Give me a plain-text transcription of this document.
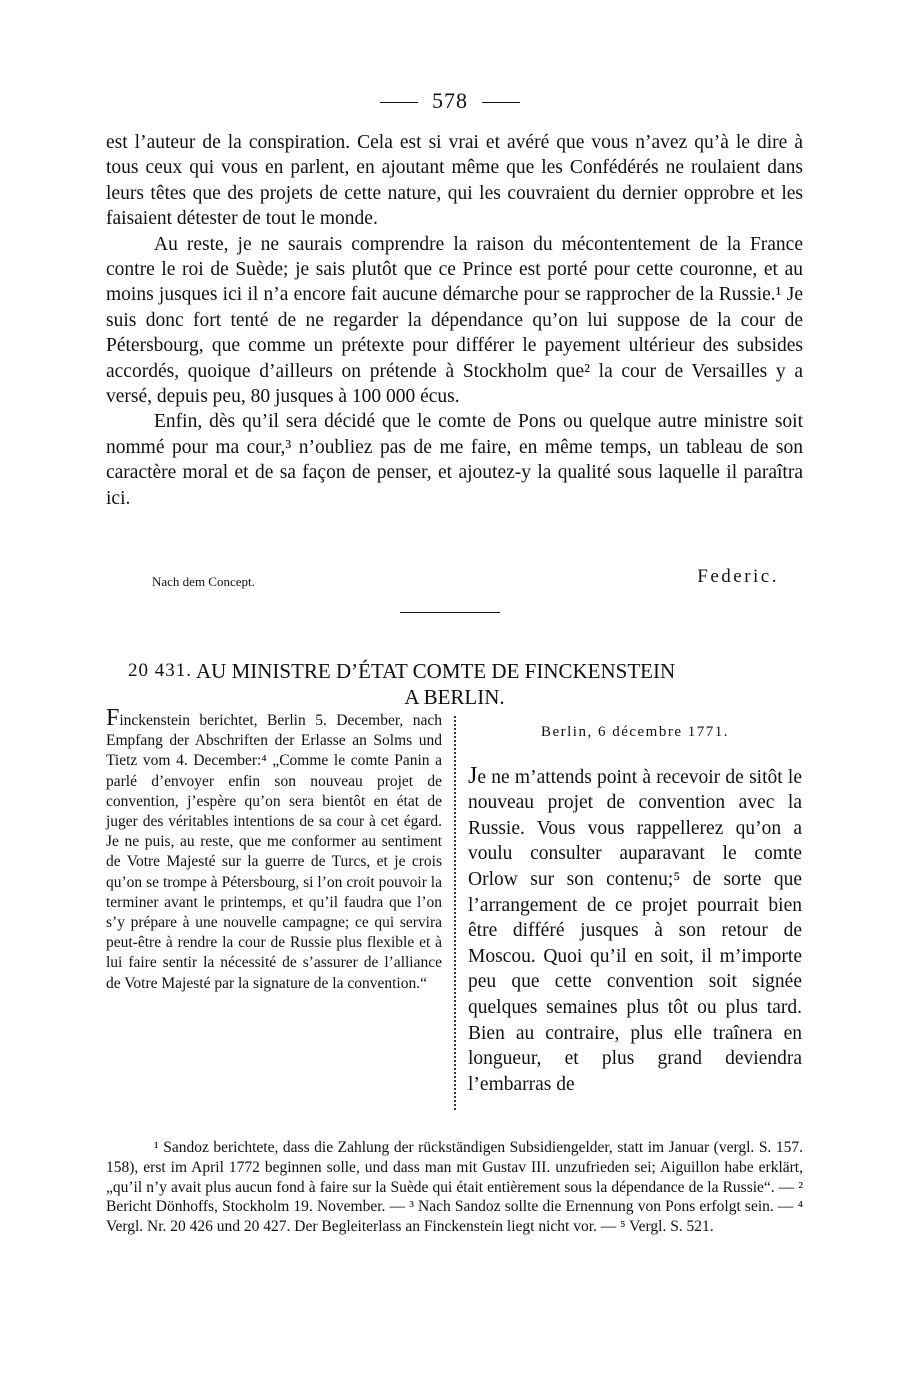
578

est l’auteur de la conspiration. Cela est si vrai et avéré que vous n’avez qu’à le dire à tous ceux qui vous en parlent, en ajoutant même que les Confédérés ne roulaient dans leurs têtes que des projets de cette nature, qui les couvraient du dernier opprobre et les faisaient détester de tout le monde.

Au reste, je ne saurais comprendre la raison du mécontentement de la France contre le roi de Suède; je sais plutôt que ce Prince est porté pour cette couronne, et au moins jusques ici il n’a encore fait aucune démarche pour se rapprocher de la Russie.¹ Je suis donc fort tenté de ne regarder la dépendance qu’on lui suppose de la cour de Pétersbourg, que comme un prétexte pour différer le payement ultérieur des subsides accordés, quoique d’ailleurs on prétende à Stockholm que² la cour de Versailles y a versé, depuis peu, 80 jusques à 100 000 écus.

Enfin, dès qu’il sera décidé que le comte de Pons ou quelque autre ministre soit nommé pour ma cour,³ n’oubliez pas de me faire, en même temps, un tableau de son caractère moral et de sa façon de penser, et ajoutez-y la qualité sous laquelle il paraîtra ici.

Nach dem Concept.	Federic.
20 431. AU MINISTRE D’ÉTAT COMTE DE FINCKENSTEIN
A BERLIN.
Finckenstein berichtet, Berlin 5. December, nach Empfang der Abschriften der Erlasse an Solms und Tietz vom 4. December:⁴ „Comme le comte Panin a parlé d’envoyer enfin son nouveau projet de convention, j’espère qu’on sera bientôt en état de juger des véritables intentions de sa cour à cet égard. Je ne puis, au reste, que me conformer au sentiment de Votre Majesté sur la guerre de Turcs, et je crois qu’on se trompe à Pétersbourg, si l’on croit pouvoir la terminer avant le printemps, et qu’il faudra que l’on s’y prépare à une nouvelle campagne; ce qui servira peut-être à rendre la cour de Russie plus flexible et à lui faire sentir la nécessité de s’assurer de l’alliance de Votre Majesté par la signature de la convention.“

Berlin, 6 décembre 1771.

Je ne m’attends point à recevoir de sitôt le nouveau projet de convention avec la Russie. Vous vous rappellerez qu’on a voulu consulter auparavant le comte Orlow sur son contenu;⁵ de sorte que l’arrangement de ce projet pourrait bien être différé jusques à son retour de Moscou. Quoi qu’il en soit, il m’importe peu que cette convention soit signée quelques semaines plus tôt ou plus tard. Bien au contraire, plus elle traînera en longueur, et plus grand deviendra l’embarras de

¹ Sandoz berichtete, dass die Zahlung der rückständigen Subsidiengelder, statt im Januar (vergl. S. 157. 158), erst im April 1772 beginnen solle, und dass man mit Gustav III. unzufrieden sei; Aiguillon habe erklärt, „qu’il n’y avait plus aucun fond à faire sur la Suède qui était entièrement sous la dépendance de la Russie“. — ² Bericht Dönhoffs, Stockholm 19. November. — ³ Nach Sandoz sollte die Ernennung von Pons erfolgt sein. — ⁴ Vergl. Nr. 20 426 und 20 427. Der Begleiterlass an Finckenstein liegt nicht vor. — ⁵ Vergl. S. 521.
